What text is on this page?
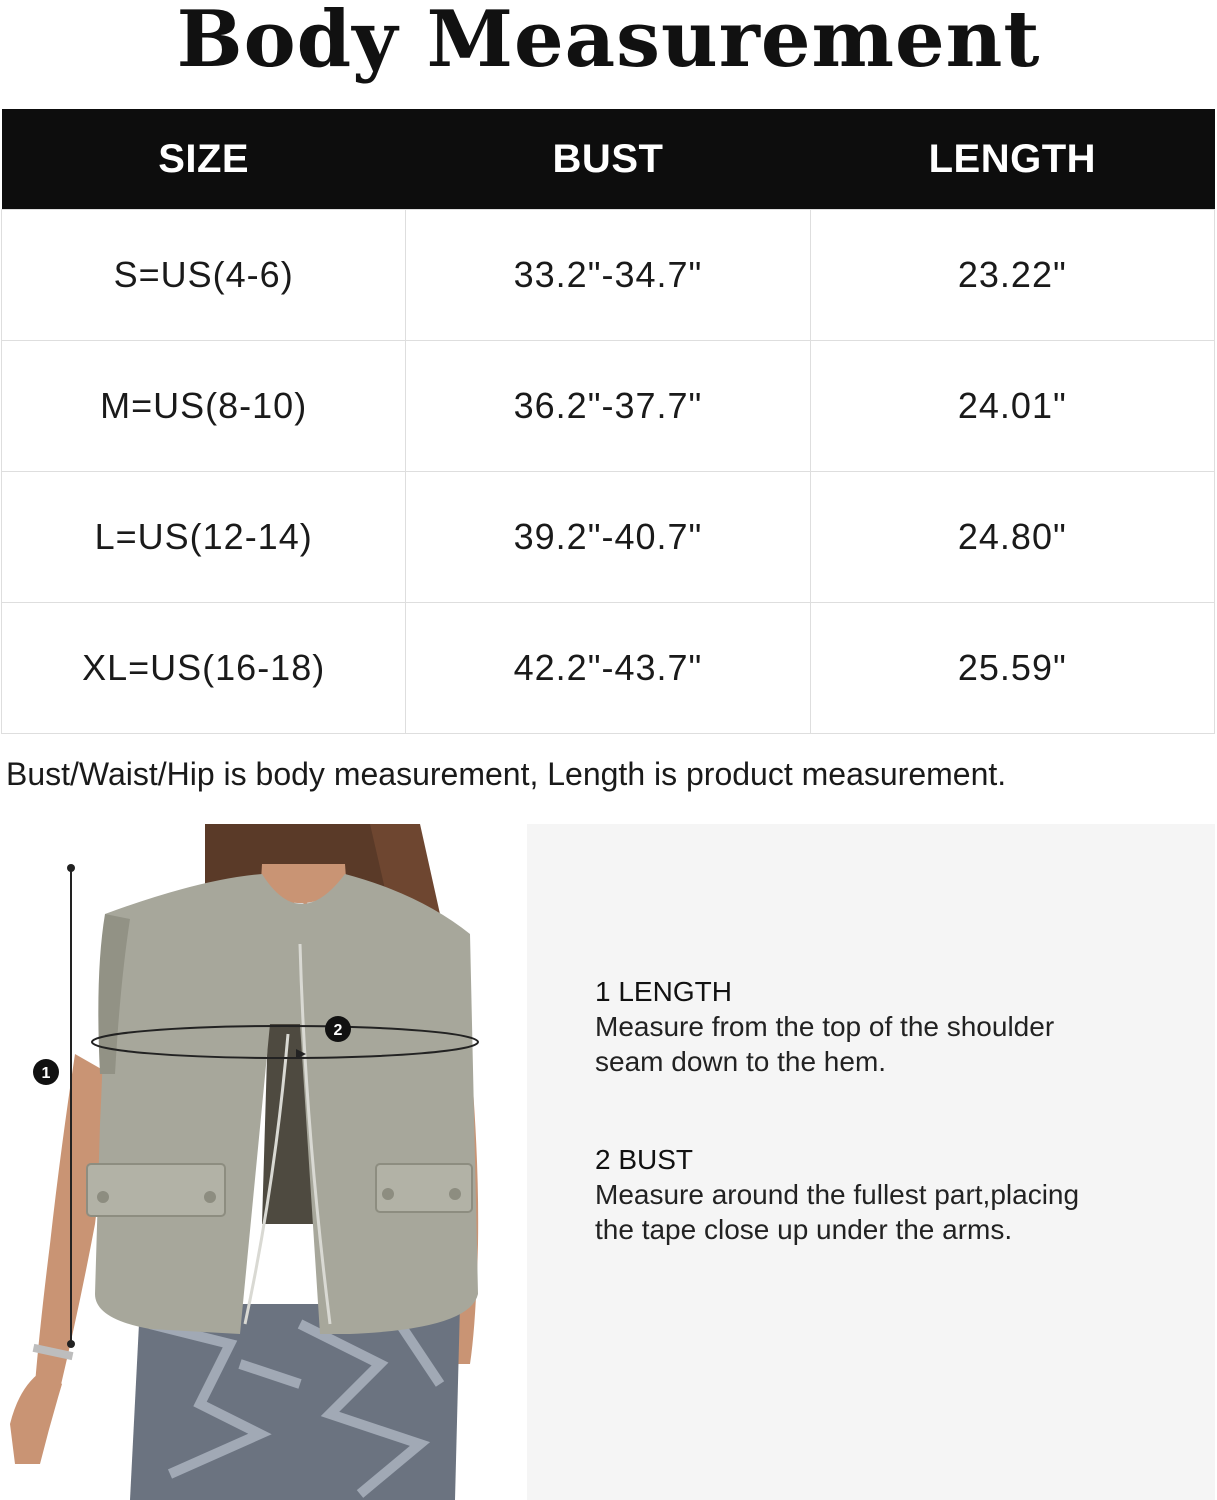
Body Measurement
SIZE	BUST	LENGTH
S=US(4-6)	33.2"-34.7"	23.22"
M=US(8-10)	36.2"-37.7"	24.01"
L=US(12-14)	39.2"-40.7"	24.80"
XL=US(16-18)	42.2"-43.7"	25.59"
Bust/Waist/Hip is body measurement, Length is product measurement.
1
2
1 LENGTH
Measure from the top of the shoulder
seam down to the hem.
2 BUST
Measure around the fullest part,placing
the tape close up under the arms.
